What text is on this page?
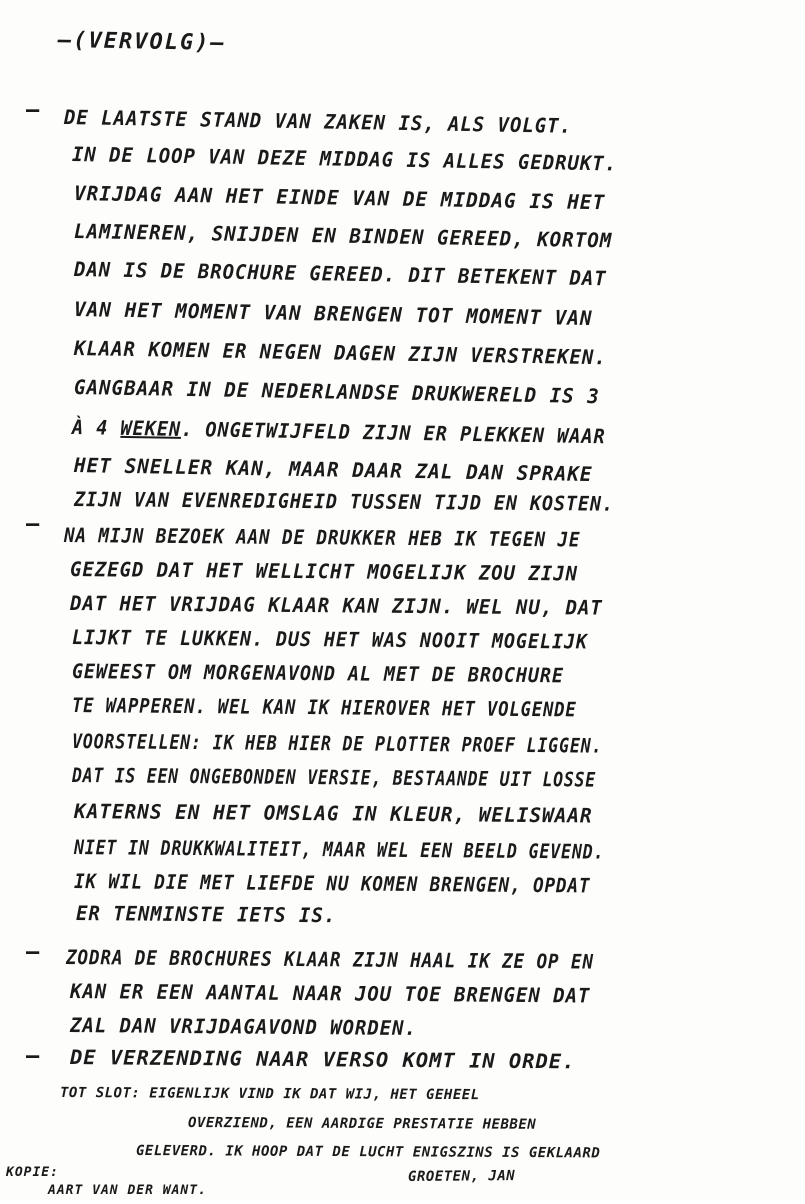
—(VERVOLG)—
– DE LAATSTE STAND VAN ZAKEN IS, ALS VOLGT.
IN DE LOOP VAN DEZE MIDDAG IS ALLES GEDRUKT.
VRIJDAG AAN HET EINDE VAN DE MIDDAG IS HET
LAMINEREN, SNIJDEN EN BINDEN GEREED, KORTOM
DAN IS DE BROCHURE GEREED. DIT BETEKENT DAT
VAN HET MOMENT VAN BRENGEN TOT MOMENT VAN
KLAAR KOMEN ER NEGEN DAGEN ZIJN VERSTREKEN.
GANGBAAR IN DE NEDERLANDSE DRUKWERELD IS 3
À 4 WEKEN. ONGETWIJFELD ZIJN ER PLEKKEN WAAR
HET SNELLER KAN, MAAR DAAR ZAL DAN SPRAKE
ZIJN VAN EVENREDIGHEID TUSSEN TIJD EN KOSTEN.
– NA MIJN BEZOEK AAN DE DRUKKER HEB IK TEGEN JE
GEZEGD DAT HET WELLICHT MOGELIJK ZOU ZIJN
DAT HET VRIJDAG KLAAR KAN ZIJN. WEL NU, DAT
LIJKT TE LUKKEN. DUS HET WAS NOOIT MOGELIJK
GEWEEST OM MORGENAVOND AL MET DE BROCHURE
TE WAPPEREN. WEL KAN IK HIEROVER HET VOLGENDE
VOORSTELLEN: IK HEB HIER DE PLOTTER PROEF LIGGEN.
DAT IS EEN ONGEBONDEN VERSIE, BESTAANDE UIT LOSSE
KATERNS EN HET OMSLAG IN KLEUR, WELISWAAR
NIET IN DRUKKWALITEIT, MAAR WEL EEN BEELD GEVEND.
IK WIL DIE MET LIEFDE NU KOMEN BRENGEN, OPDAT
ER TENMINSTE IETS IS.
— ZODRA DE BROCHURES KLAAR ZIJN HAAL IK ZE OP EN
KAN ER EEN AANTAL NAAR JOU TOE BRENGEN DAT
ZAL DAN VRIJDAGAVOND WORDEN.
— DE VERZENDING NAAR VERSO KOMT IN ORDE.
TOT SLOT: EIGENLIJK VIND IK DAT WIJ, HET GEHEEL
OVERZIEND, EEN AARDIGE PRESTATIE HEBBEN
GELEVERD. IK HOOP DAT DE LUCHT ENIGSZINS IS GEKLAARD
GROETEN, JAN
KOPIE:
AART VAN DER WANT.
